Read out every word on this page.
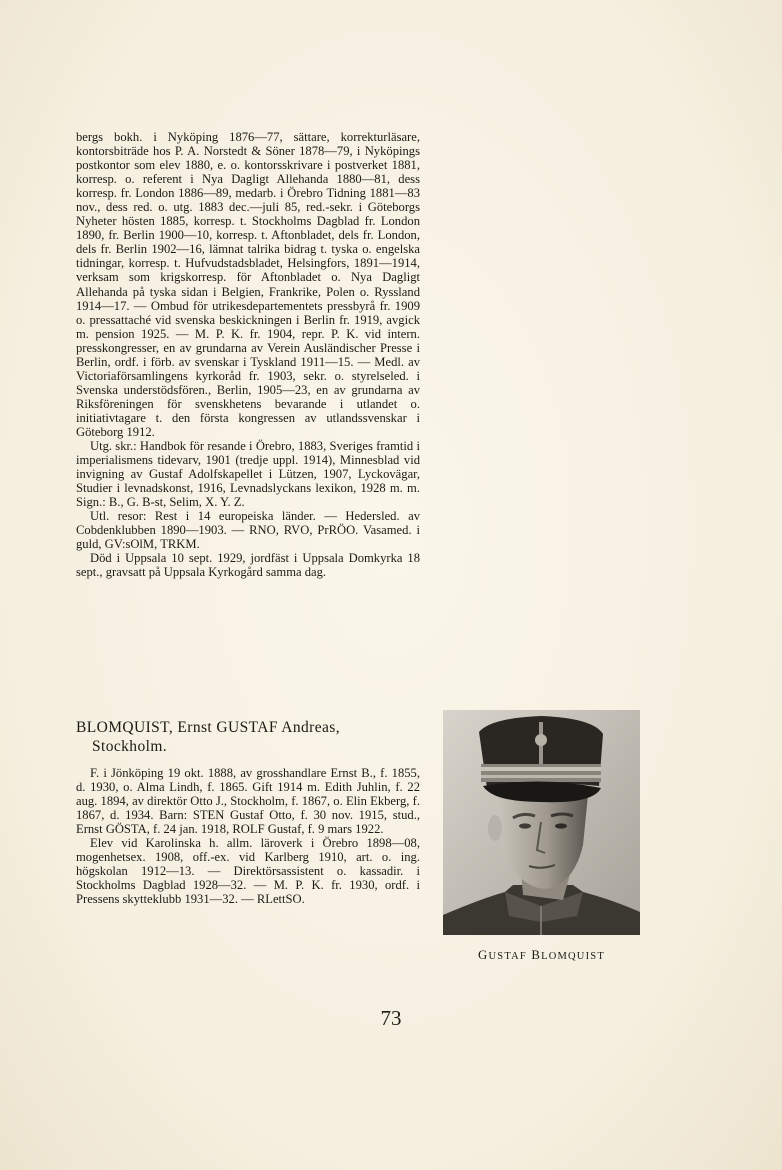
bergs bokh. i Nyköping 1876—77, sättare, korrekturläsare, kontorsbiträde hos P. A. Norstedt & Söner 1878—79, i Nyköpings postkontor som elev 1880, e. o. kontorsskrivare i postverket 1881, korresp. o. referent i Nya Dagligt Allehanda 1880—81, dess korresp. fr. London 1886—89, medarb. i Örebro Tidning 1881—83 nov., dess red. o. utg. 1883 dec.—juli 85, red.-sekr. i Göteborgs Nyheter hösten 1885, korresp. t. Stockholms Dagblad fr. London 1890, fr. Berlin 1900—10, korresp. t. Aftonbladet, dels fr. London, dels fr. Berlin 1902—16, lämnat talrika bidrag t. tyska o. engelska tidningar, korresp. t. Hufvudstadsbladet, Helsingfors, 1891—1914, verksam som krigskorresp. för Aftonbladet o. Nya Dagligt Allehanda på tyska sidan i Belgien, Frankrike, Polen o. Ryssland 1914—17. — Ombud för utrikesdepartementets pressbyrå fr. 1909 o. pressattaché vid svenska beskickningen i Berlin fr. 1919, avgick m. pension 1925. — M. P. K. fr. 1904, repr. P. K. vid intern. presskongresser, en av grundarna av Verein Ausländischer Presse i Berlin, ordf. i förb. av svenskar i Tyskland 1911—15. — Medl. av Victoriaförsamlingens kyrkoråd fr. 1903, sekr. o. styrelseled. i Svenska understödsfören., Berlin, 1905—23, en av grundarna av Riksföreningen för svenskhetens bevarande i utlandet o. initiativtagare t. den första kongressen av utlandssvenskar i Göteborg 1912.

Utg. skr.: Handbok för resande i Örebro, 1883, Sveriges framtid i imperialismens tidevarv, 1901 (tredje uppl. 1914), Minnesblad vid invigning av Gustaf Adolfskapellet i Lützen, 1907, Lyckovägar, Studier i levnadskonst, 1916, Levnadslyckans lexikon, 1928 m. m. Sign.: B., G. B-st, Selim, X. Y. Z.

Utl. resor: Rest i 14 europeiska länder. — Hedersled. av Cobdenklubben 1890—1903. — RNO, RVO, PrRÖO. Vasamed. i guld, GV:sOlM, TRKM.

Död i Uppsala 10 sept. 1929, jordfäst i Uppsala Domkyrka 18 sept., gravsatt på Uppsala Kyrkogård samma dag.

BLOMQUIST, Ernst GUSTAF Andreas,
Stockholm.

F. i Jönköping 19 okt. 1888, av grosshandlare Ernst B., f. 1855, d. 1930, o. Alma Lindh, f. 1865. Gift 1914 m. Edith Juhlin, f. 22 aug. 1894, av direktör Otto J., Stockholm, f. 1867, o. Elin Ekberg, f. 1867, d. 1934. Barn: STEN Gustaf Otto, f. 30 nov. 1915, stud., Ernst GÖSTA, f. 24 jan. 1918, ROLF Gustaf, f. 9 mars 1922.

Elev vid Karolinska h. allm. läroverk i Örebro 1898—08, mogenhetsex. 1908, off.-ex. vid Karlberg 1910, art. o. ing. högskolan 1912—13. — Direktörsassistent o. kassadir. i Stockholms Dagblad 1928—32. — M. P. K. fr. 1930, ordf. i Pressens skytteklubb 1931—32. — RLettSO.

GUSTAF BLOMQUIST
73
